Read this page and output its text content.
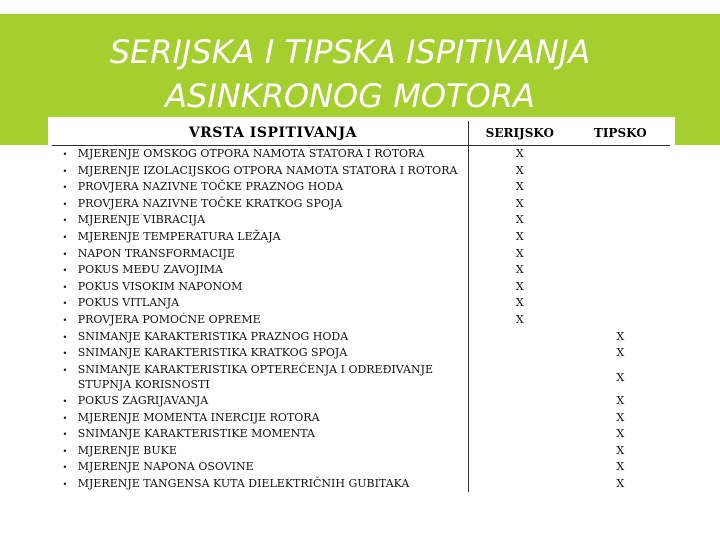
SERIJSKA I TIPSKA ISPITIVANJA
ASINKRONOG MOTORA
	VRSTA ISPITIVANJA	SERIJSKO	TIPSKO
•	MJERENJE OMSKOG OTPORA NAMOTA STATORA I ROTORA	X	
•	MJERENJE IZOLACIJSKOG OTPORA NAMOTA STATORA I ROTORA	X	
•	PROVJERA NAZIVNE TOČKE PRAZNOG HODA	X	
•	PROVJERA NAZIVNE TOČKE KRATKOG SPOJA	X	
•	MJERENJE VIBRACIJA	X	
•	MJERENJE TEMPERATURA LEŽAJA	X	
•	NAPON TRANSFORMACIJE	X	
•	POKUS MEĐU ZAVOJIMA	X	
•	POKUS VISOKIM NAPONOM	X	
•	POKUS VITLANJA	X	
•	PROVJERA POMOĆNE OPREME	X	
•	SNIMANJE KARAKTERISTIKA PRAZNOG HODA		X
•	SNIMANJE KARAKTERISTIKA KRATKOG SPOJA		X
•	SNIMANJE KARAKTERISTIKA OPTEREĆENJA I ODREĐIVANJE STUPNJA KORISNOSTI		X
•	POKUS ZAGRIJAVANJA		X
•	MJERENJE MOMENTA INERCIJE ROTORA		X
•	SNIMANJE KARAKTERISTIKE MOMENTA		X
•	MJERENJE BUKE		X
•	MJERENJE NAPONA OSOVINE		X
•	MJERENJE TANGENSA KUTA DIELEKTRIČNIH GUBITAKA		X
